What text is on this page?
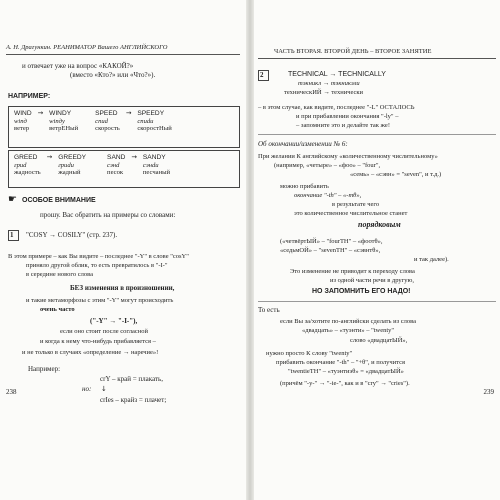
А. Н. Драгункин. РЕАНИМАТОР Вашего АНГЛИЙСКОГО
и отвечает уже на вопрос «КАКОЙ?»
(вместо «Кто?» или «Что?»).
НАПРИМЕР:
WIND	→	WINDY	SPEED	→	SPEEDY
winд		winдy	спиd		спиdи
ветер		ветрЕНый	скорость		скоростНый
GREED	→	GREEDY	SAND	→	SANDY
гриd		гриdи	сэнd		сэнdи
жадность		жадный	песок		песчаный
☛ ОСОБОЕ ВНИМАНИЕ
прошу. Вас обратить на примеры со словами:
1 "COSY → COSILY" (стр. 237).
В этом примере – как Вы видите – последнее "-Y" в слове "cosY"
приняло другой облик, то есть превратилось в "-I-"
в середине нового слова
БЕЗ изменения в произношении,
и такие метаморфозы с этим "-Y" могут происходить
очень часто
("-Y" → "-I-"),
если оно стоит после согласной
и когда к нему что-нибудь прибавляется –
и не только в случаях «определение → наречие»!
Например:
crY – край = плакать,
но: ↓
crIes – крайз = плачет;
238
ЧАСТЬ ВТОРАЯ. ВТОРОЙ ДЕНЬ – ВТОРОЕ ЗАНЯТИЕ
2	TECHNICAL → TECHNICALLY
тэкникл → тэкникэли
техническИЙ → технически
– в этом случае, как видите, последнее "-L" ОСТАЛОСЬ
и при прибавлении окончания "-ly" –
– запомните это и делайте так же!
Об окончании/изменении № 6:
При желании К английскому «количественному числительному»
(например, «четыре» – «фоо» – "four",
«семь» – «сэвн» = "seven", и т.д.)
можно прибавить
окончание "-th" – «-тθ»,
в результате чего
это количественное числительное станет
порядковым
(«четвёртЫЙ» – "fourTH" – «фоотθ»,
«седьмОЙ» – "sevenTH" – «сэвнтθ»,
и так далее).
Это изменение не приводит к переходу слова
из одной части речи в другую,
НО ЗАПОМНИТЬ ЕГО НАДО!
То есть
если Вы за/хотите по-английски сделать из слова
«двадцать» – «туэнти» – "twenty"
слово «двадцатЫЙ»,
нужно просто К слову "twenty"
прибавить окончание "-th" – "+θ", и получится
"twentieTH" – «туэнтиэθ» = «двадцатЫЙ»
(причём "-y-" → "-ie-", как и в "cry" → "cries").
239
